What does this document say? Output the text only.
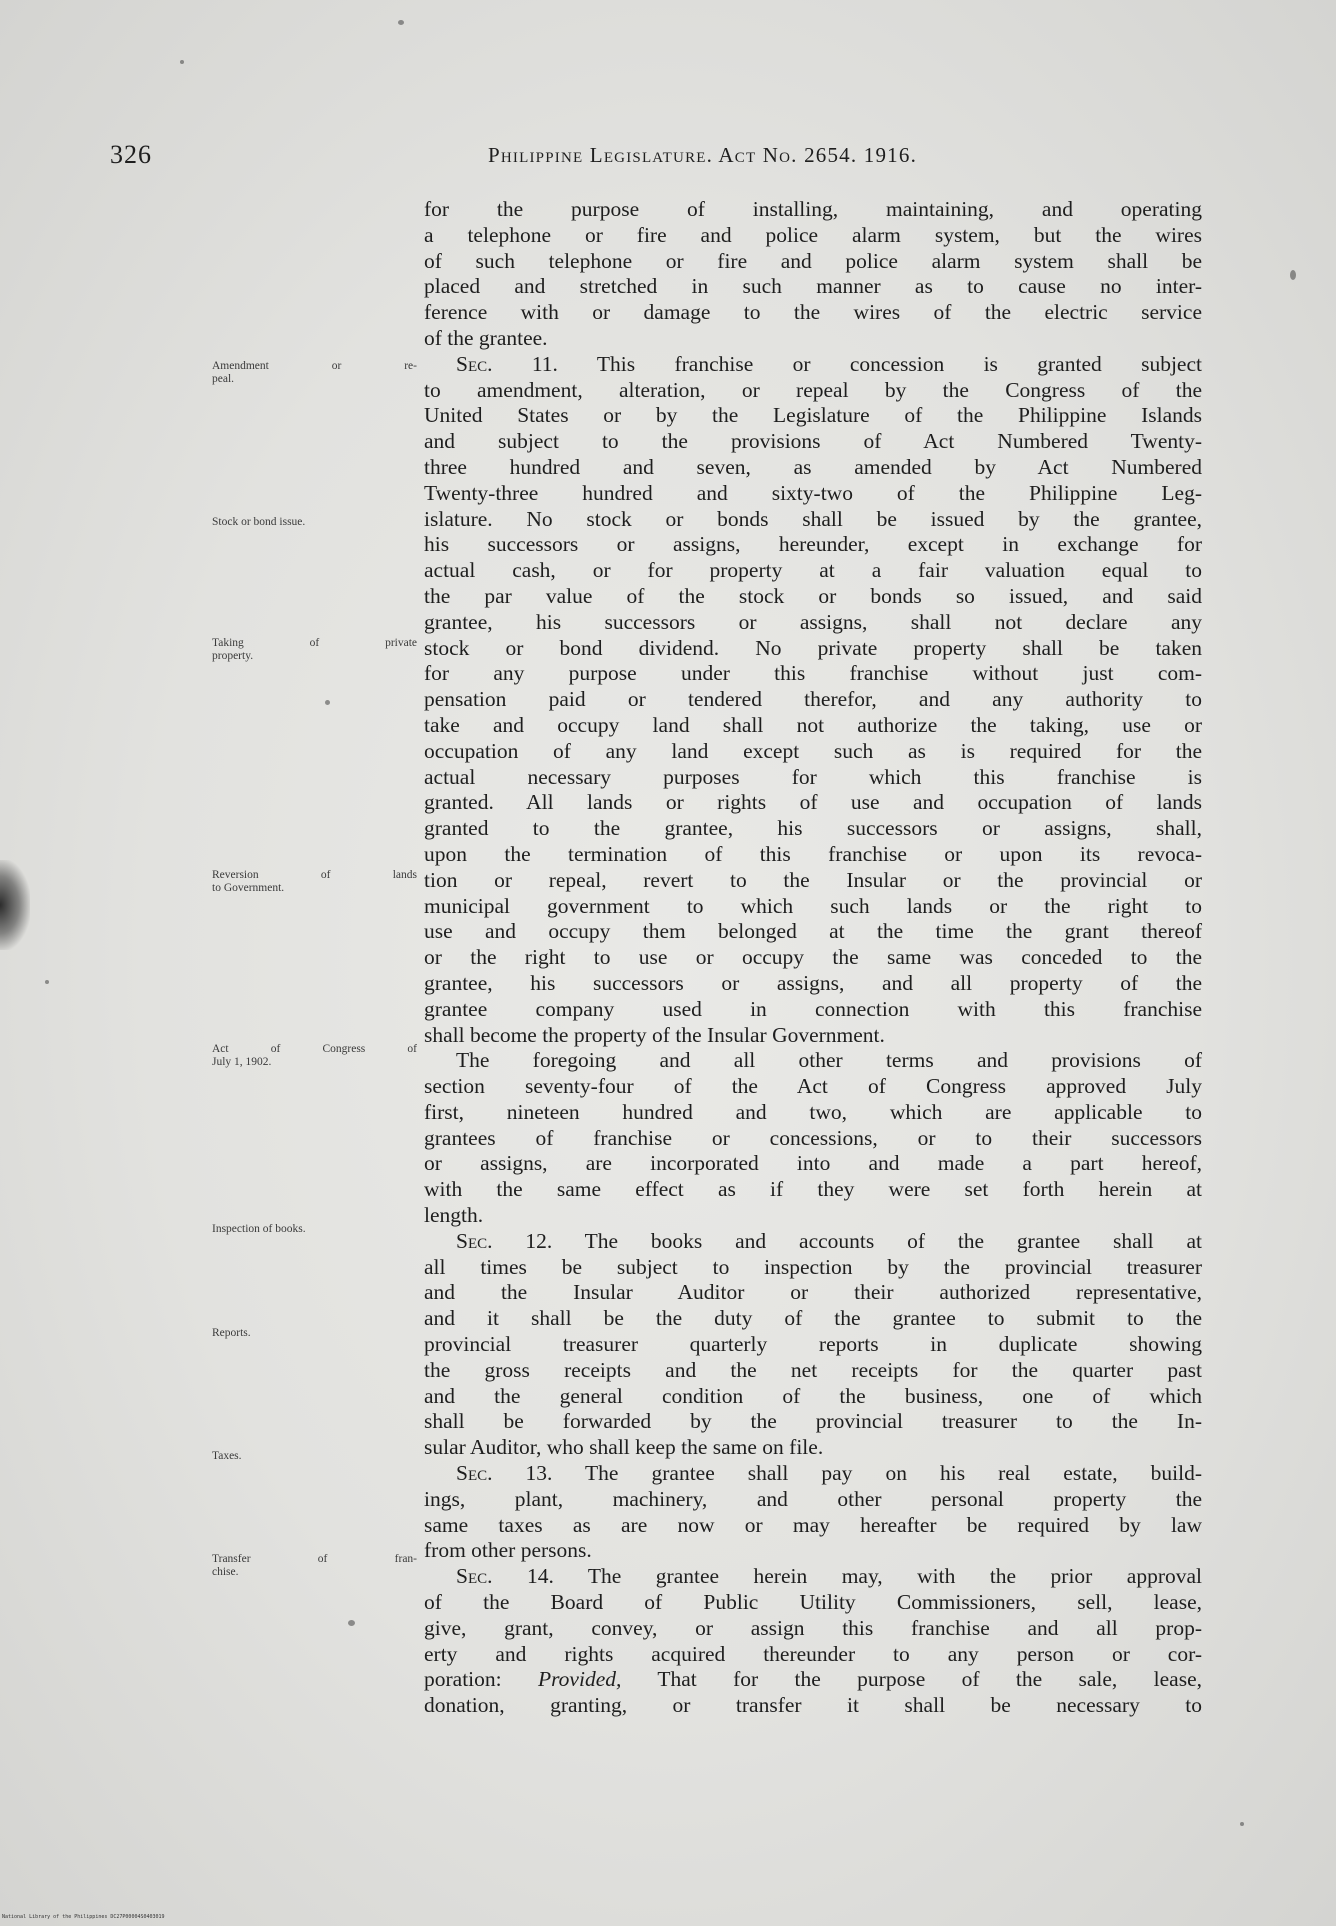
326	Philippine Legislature. Act No. 2654. 1916.
Amendment or re-
peal.
Stock or bond issue.
Taking of private
property.
Reversion of lands
to Government.
Act of Congress of
July 1, 1902.
Inspection of books.
Reports.
Taxes.
Transfer of fran-
chise.
for the purpose of installing, maintaining, and operating
a telephone or fire and police alarm system, but the wires
of such telephone or fire and police alarm system shall be
placed and stretched in such manner as to cause no inter-
ference with or damage to the wires of the electric service
of the grantee.
Sec. 11. This franchise or concession is granted subject
to amendment, alteration, or repeal by the Congress of the
United States or by the Legislature of the Philippine Islands
and subject to the provisions of Act Numbered Twenty-
three hundred and seven, as amended by Act Numbered
Twenty-three hundred and sixty-two of the Philippine Leg-
islature. No stock or bonds shall be issued by the grantee,
his successors or assigns, hereunder, except in exchange for
actual cash, or for property at a fair valuation equal to
the par value of the stock or bonds so issued, and said
grantee, his successors or assigns, shall not declare any
stock or bond dividend. No private property shall be taken
for any purpose under this franchise without just com-
pensation paid or tendered therefor, and any authority to
take and occupy land shall not authorize the taking, use or
occupation of any land except such as is required for the
actual necessary purposes for which this franchise is
granted. All lands or rights of use and occupation of lands
granted to the grantee, his successors or assigns, shall,
upon the termination of this franchise or upon its revoca-
tion or repeal, revert to the Insular or the provincial or
municipal government to which such lands or the right to
use and occupy them belonged at the time the grant thereof
or the right to use or occupy the same was conceded to the
grantee, his successors or assigns, and all property of the
grantee company used in connection with this franchise
shall become the property of the Insular Government.
The foregoing and all other terms and provisions of
section seventy-four of the Act of Congress approved July
first, nineteen hundred and two, which are applicable to
grantees of franchise or concessions, or to their successors
or assigns, are incorporated into and made a part hereof,
with the same effect as if they were set forth herein at
length.
Sec. 12. The books and accounts of the grantee shall at
all times be subject to inspection by the provincial treasurer
and the Insular Auditor or their authorized representative,
and it shall be the duty of the grantee to submit to the
provincial treasurer quarterly reports in duplicate showing
the gross receipts and the net receipts for the quarter past
and the general condition of the business, one of which
shall be forwarded by the provincial treasurer to the In-
sular Auditor, who shall keep the same on file.
Sec. 13. The grantee shall pay on his real estate, build-
ings, plant, machinery, and other personal property the
same taxes as are now or may hereafter be required by law
from other persons.
Sec. 14. The grantee herein may, with the prior approval
of the Board of Public Utility Commissioners, sell, lease,
give, grant, convey, or assign this franchise and all prop-
erty and rights acquired thereunder to any person or cor-
poration: Provided, That for the purpose of the sale, lease,
donation, granting, or transfer it shall be necessary to
National Library of the Philippines DC27P00004S0403019
